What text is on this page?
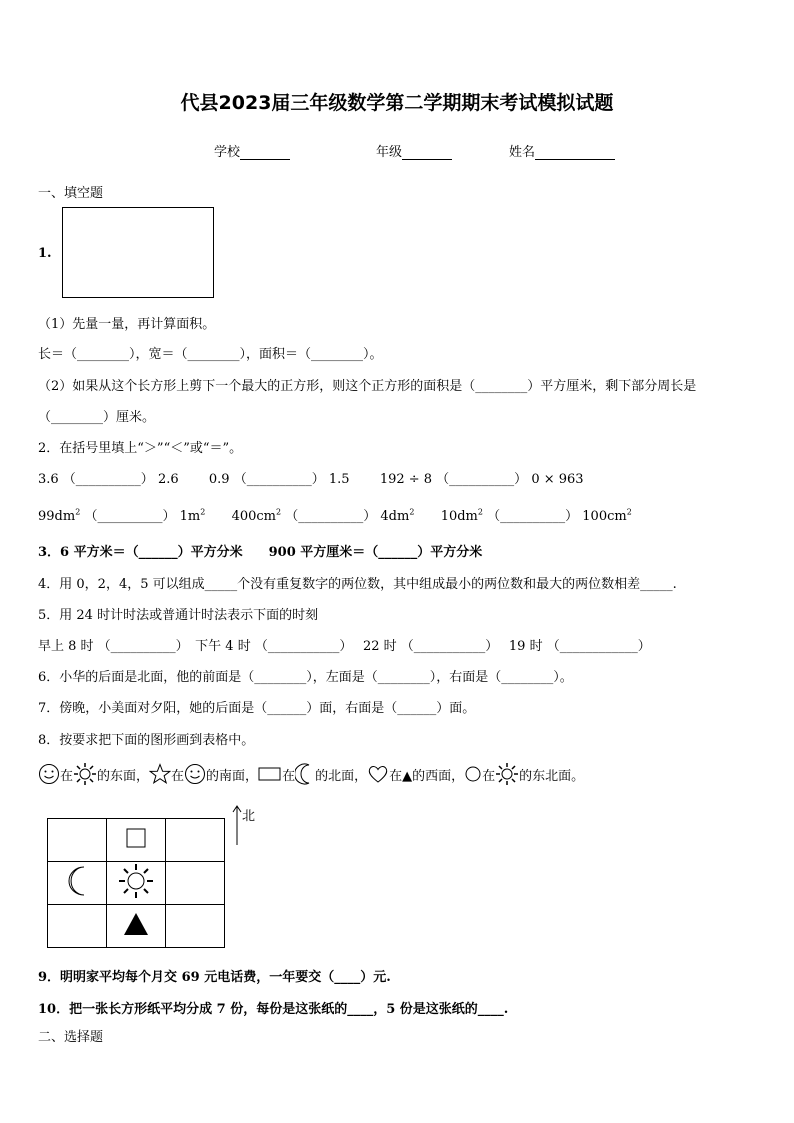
代县2023届三年级数学第二学期期末考试模拟试题
学校	年级	姓名
一、填空题
1.
（1）先量一量，再计算面积。
长＝（________），宽＝（________），面积＝（________）。
（2）如果从这个长方形上剪下一个最大的正方形，则这个正方形的面积是（________）平方厘米，剩下部分周长是
（________）厘米。
2．在括号里填上“＞”“＜”或“＝”。
3.6 （__________） 2.6 0.9 （__________） 1.5 192 ÷ 8 （__________） 0 × 963
$99dm^2$ （__________） $1m^2$ $400cm^2$ （__________） $4dm^2$ $10dm^2$ （__________） $100cm^2$
3．6 平方米＝（______）平方分米　　900 平方厘米＝（______）平方分米
4．用 0，2，4，5 可以组成_____个没有重复数字的两位数，其中组成最小的两位数和最大的两位数相差_____.
5．用 24 时计时法或普通计时法表示下面的时刻
早上 8 时 （__________）　下午 4 时 （___________）　 22 时 （___________）　 19 时 （____________）
6．小华的后面是北面，他的前面是（________），左面是（________），右面是（________）。
7．傍晚，小美面对夕阳，她的后面是（______）面，右面是（______）面。
8．按要求把下面的图形画到表格中。
在 的东面， 在 的南面， 在 的北面， 在▲的西面， 在 的东北面。

北
9．明明家平均每个月交 69 元电话费，一年要交（____）元.
10．把一张长方形纸平均分成 7 份，每份是这张纸的____，5 份是这张纸的____.
二、选择题
